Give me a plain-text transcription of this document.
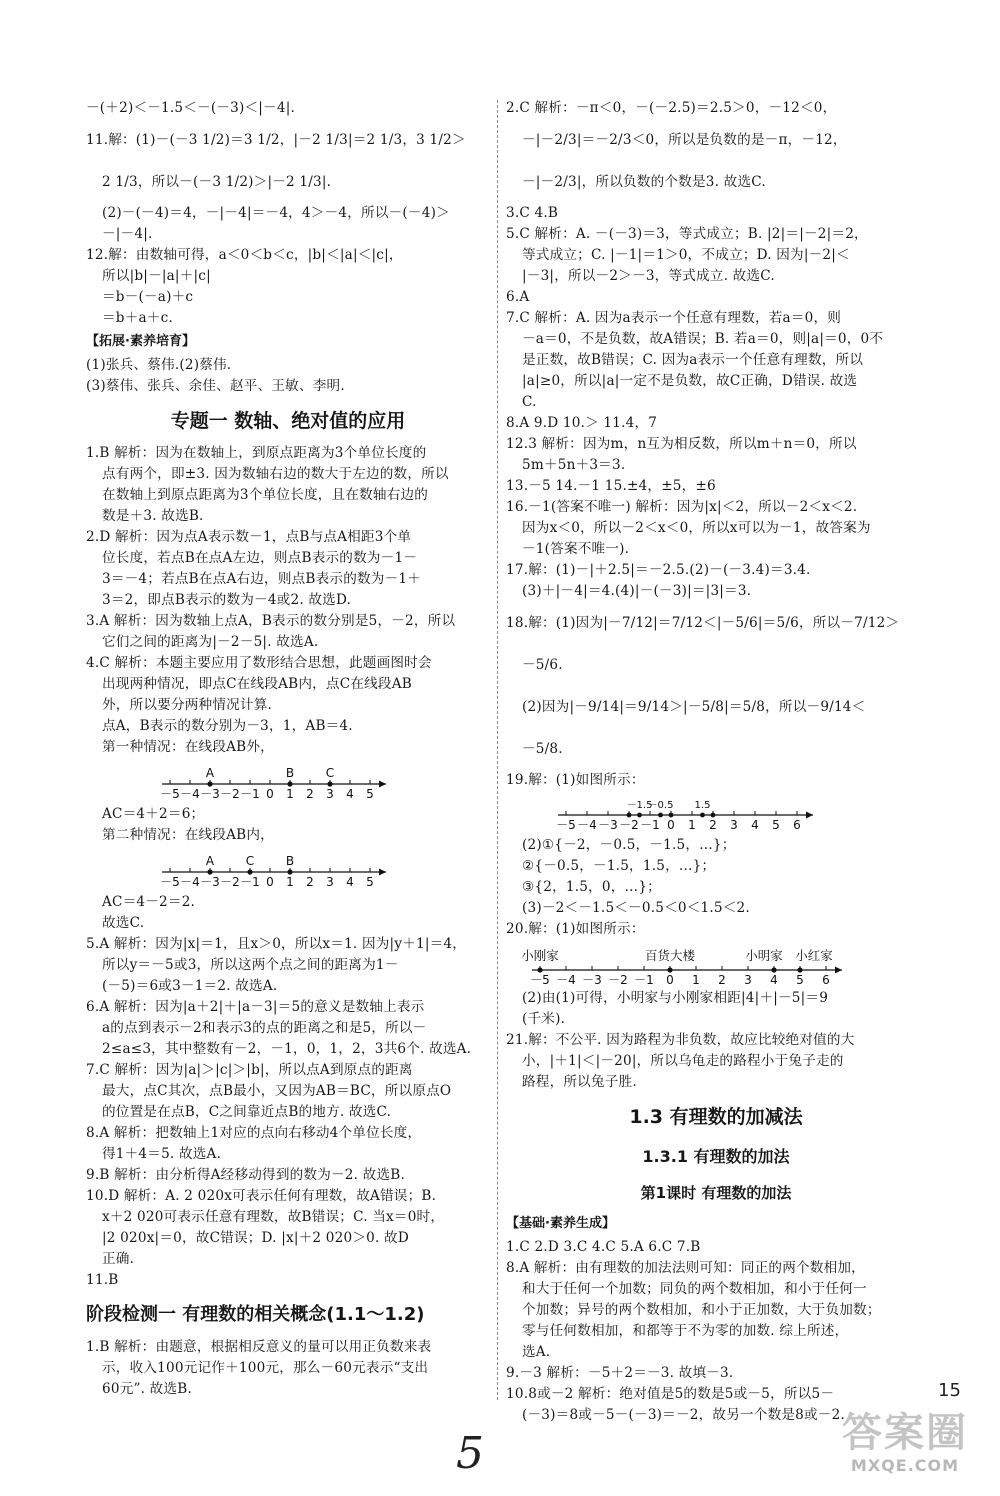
－(＋2)＜－1.5＜－(－3)＜|－4|.

11.解：(1)－(－3 1/2)＝3 1/2，|－2 1/3|＝2 1/3，3 1/2＞

2 1/3，所以－(－3 1/2)＞|－2 1/3|.

(2)－(－4)＝4，－|－4|＝－4，4＞－4，所以－(－4)＞

－|－4|.

12.解：由数轴可得，a＜0＜b＜c，|b|＜|a|＜|c|，

所以|b|－|a|＋|c|

＝b－(－a)＋c

＝b＋a＋c.

【拓展·素养培育】

(1)张兵、蔡伟.(2)蔡伟.

(3)蔡伟、张兵、余佳、赵平、王敏、李明.

专题一 数轴、绝对值的应用

1.B 解析：因为在数轴上，到原点距离为3个单位长度的

点有两个，即±3. 因为数轴右边的数大于左边的数，所以

在数轴上到原点距离为3个单位长度，且在数轴右边的

数是＋3. 故选B.

2.D 解析：因为点A表示数－1，点B与点A相距3个单

位长度，若点B在点A左边，则点B表示的数为－1－

3＝－4；若点B在点A右边，则点B表示的数为－1＋

3＝2，即点B表示的数为－4或2. 故选D.

3.A 解析：因为数轴上点A，B表示的数分别是5，－2，所以

它们之间的距离为|－2－5|. 故选A.

4.C 解析：本题主要应用了数形结合思想，此题画图时会

出现两种情况，即点C在线段AB内，点C在线段AB

外，所以要分两种情况计算.

点A，B表示的数分别为－3，1，AB＝4.

第一种情况：在线段AB外，

－5 －4 －3 －2 －1 0 1 2 3 4 5
A	B	C

AC＝4＋2＝6；

第二种情况：在线段AB内，

－5 －4 －3 －2 －1 0 1 2 3 4 5
A	C	B

AC＝4－2＝2.

故选C.

5.A 解析：因为|x|＝1，且x＞0，所以x＝1. 因为|y＋1|＝4，

所以y＝－5或3，所以这两个点之间的距离为1－

(－5)＝6或3－1＝2. 故选A.

6.A 解析：因为|a＋2|＋|a－3|＝5的意义是数轴上表示

a的点到表示－2和表示3的点的距离之和是5，所以－

2≤a≤3，其中整数有－2，－1，0，1，2，3共6个. 故选A.

7.C 解析：因为|a|＞|c|＞|b|，所以点A到原点的距离

最大，点C其次，点B最小，又因为AB＝BC，所以原点O

的位置是在点B，C之间靠近点B的地方. 故选C.

8.A 解析：把数轴上1对应的点向右移动4个单位长度，

得1＋4＝5. 故选A.

9.B 解析：由分析得A经移动得到的数为－2. 故选B.

10.D 解析：A. 2 020x可表示任何有理数，故A错误；B.

x＋2 020可表示任意有理数，故B错误；C. 当x＝0时，

|2 020x|＝0，故C错误；D. |x|＋2 020＞0. 故D

正确.

11.B

阶段检测一 有理数的相关概念(1.1～1.2)

1.B 解析：由题意，根据相反意义的量可以用正负数来表

示，收入100元记作＋100元，那么－60元表示“支出

60元”. 故选B.

2.C 解析：－π＜0，－(－2.5)＝2.5＞0，－12＜0，

－|－2/3|＝－2/3＜0，所以是负数的是－π，－12，

－|－2/3|，所以负数的个数是3. 故选C.

3.C 4.B

5.C 解析：A. －(－3)＝3，等式成立；B. |2|＝|－2|＝2，

等式成立；C. |－1|＝1＞0，不成立；D. 因为|－2|＜

|－3|，所以－2＞－3，等式成立. 故选C.

6.A

7.C 解析：A. 因为a表示一个任意有理数，若a＝0，则

－a＝0，不是负数，故A错误；B. 若a＝0，则|a|＝0，0不

是正数，故B错误；C. 因为a表示一个任意有理数，所以

|a|≥0，所以|a|一定不是负数，故C正确，D错误. 故选

C.

8.A 9.D 10.＞ 11.4，7

12.3 解析：因为m，n互为相反数，所以m＋n＝0，所以

5m＋5n＋3＝3.

13.－5 14.－1 15.±4，±5，±6

16.－1(答案不唯一) 解析：因为|x|＜2，所以－2＜x＜2.

因为x＜0，所以－2＜x＜0，所以x可以为－1，故答案为

－1(答案不唯一).

17.解：(1)－|＋2.5|＝－2.5.(2)－(－3.4)＝3.4.

(3)＋|－4|＝4.(4)|－(－3)|＝|3|＝3.

18.解：(1)因为|－7/12|＝7/12＜|－5/6|＝5/6，所以－7/12＞

－5/6.

(2)因为|－9/14|＝9/14＞|－5/8|＝5/8，所以－9/14＜

－5/8.

19.解：(1)如图所示：

－5 －4 －3 －2 －1 0 1 2 3 4 5 6
－1.5
－0.5 1.5

(2)①{－2，－0.5，－1.5，…}；

②{－0.5，－1.5，1.5，…}；

③{2，1.5，0，…}；

(3)－2＜－1.5＜－0.5＜0＜1.5＜2.

20.解：(1)如图所示：

－5 －4 －3 －2 －1 0 1 2 3 4 5 6
小刚家	百货大楼	小明家 小红家

(2)由(1)可得，小明家与小刚家相距|4|＋|－5|＝9

(千米).

21.解：不公平. 因为路程为非负数，故应比较绝对值的大

小，|＋1|＜|－20|，所以乌龟走的路程小于兔子走的

路程，所以兔子胜.

1.3 有理数的加减法
1.3.1 有理数的加法
第1课时 有理数的加法
【基础·素养生成】

1.C 2.D 3.C 4.C 5.A 6.C 7.B

8.A 解析：由有理数的加法法则可知：同正的两个数相加，

和大于任何一个加数；同负的两个数相加，和小于任何一

个加数；异号的两个数相加，和小于正加数，大于负加数；

零与任何数相加，和都等于不为零的加数. 综上所述，

选A.

9.－3 解析：－5＋2＝－3. 故填－3.

10.8或－2 解析：绝对值是5的数是5或－5，所以5－

(－3)＝8或－5－(－3)＝－2，故另一个数是8或－2.

15
5	答案圈
MXQE.COM
